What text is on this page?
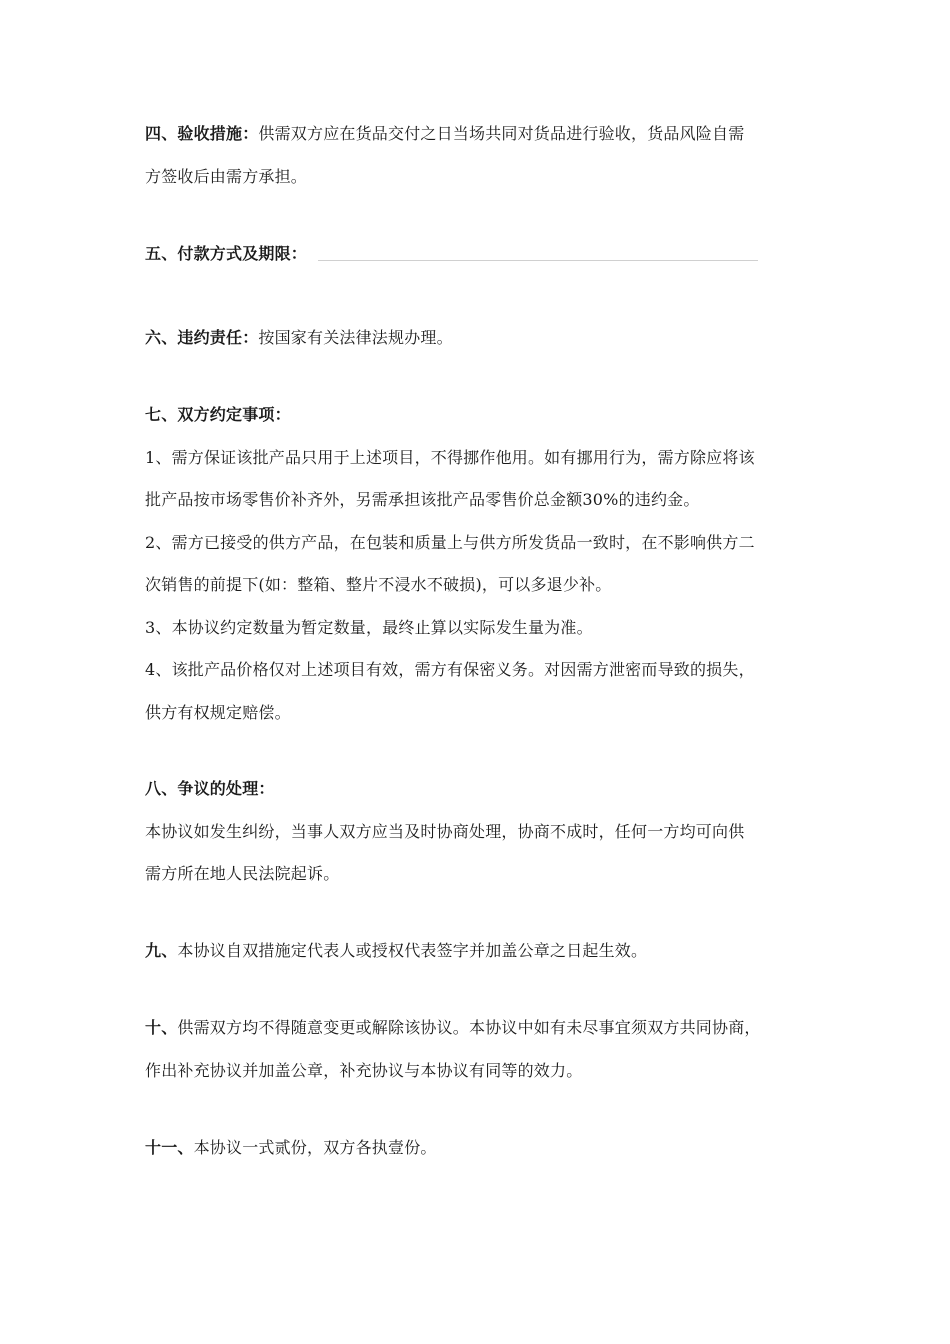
四、验收措施：供需双方应在货品交付之日当场共同对货品进行验收，货品风险自需
方签收后由需方承担。
五、付款方式及期限：
六、违约责任：按国家有关法律法规办理。
七、双方约定事项：
1、需方保证该批产品只用于上述项目，不得挪作他用。如有挪用行为，需方除应将该
批产品按市场零售价补齐外，另需承担该批产品零售价总金额30%的违约金。
2、需方已接受的供方产品，在包装和质量上与供方所发货品一致时，在不影响供方二
次销售的前提下(如：整箱、整片不浸水不破损)，可以多退少补。
3、本协议约定数量为暂定数量，最终止算以实际发生量为准。
4、该批产品价格仅对上述项目有效，需方有保密义务。对因需方泄密而导致的损失，
供方有权规定赔偿。
八、争议的处理：
本协议如发生纠纷，当事人双方应当及时协商处理，协商不成时，任何一方均可向供
需方所在地人民法院起诉。
九、本协议自双措施定代表人或授权代表签字并加盖公章之日起生效。
十、供需双方均不得随意变更或解除该协议。本协议中如有未尽事宜须双方共同协商，
作出补充协议并加盖公章，补充协议与本协议有同等的效力。
十一、本协议一式贰份，双方各执壹份。
